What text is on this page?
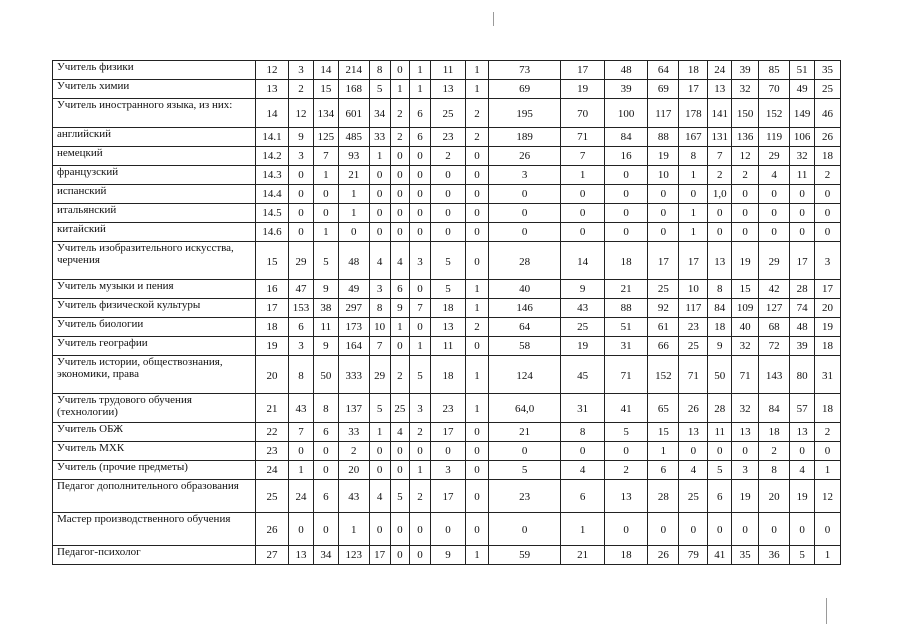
Учитель физики	12	3	14	214	8	0	1	11	1	73	17	48	64	18	24	39	85	51	35
Учитель химии	13	2	15	168	5	1	1	13	1	69	19	39	69	17	13	32	70	49	25
Учитель иностранного языка, из них:	14	12	134	601	34	2	6	25	2	195	70	100	117	178	141	150	152	149	46
английский	14.1	9	125	485	33	2	6	23	2	189	71	84	88	167	131	136	119	106	26
немецкий	14.2	3	7	93	1	0	0	2	0	26	7	16	19	8	7	12	29	32	18
французский	14.3	0	1	21	0	0	0	0	0	3	1	0	10	1	2	2	4	11	2
испанский	14.4	0	0	1	0	0	0	0	0	0	0	0	0	0	1,0	0	0	0	0
итальянский	14.5	0	0	1	0	0	0	0	0	0	0	0	0	1	0	0	0	0	0
китайский	14.6	0	1	0	0	0	0	0	0	0	0	0	0	1	0	0	0	0	0
Учитель изобразительного искусства, черчения	15	29	5	48	4	4	3	5	0	28	14	18	17	17	13	19	29	17	3
Учитель музыки и пения	16	47	9	49	3	6	0	5	1	40	9	21	25	10	8	15	42	28	17
Учитель физической культуры	17	153	38	297	8	9	7	18	1	146	43	88	92	117	84	109	127	74	20
Учитель биологии	18	6	11	173	10	1	0	13	2	64	25	51	61	23	18	40	68	48	19
Учитель географии	19	3	9	164	7	0	1	11	0	58	19	31	66	25	9	32	72	39	18
Учитель истории, обществознания, экономики, права	20	8	50	333	29	2	5	18	1	124	45	71	152	71	50	71	143	80	31
Учитель трудового обучения (технологии)	21	43	8	137	5	25	3	23	1	64,0	31	41	65	26	28	32	84	57	18
Учитель ОБЖ	22	7	6	33	1	4	2	17	0	21	8	5	15	13	11	13	18	13	2
Учитель МХК	23	0	0	2	0	0	0	0	0	0	0	0	1	0	0	0	2	0	0
Учитель (прочие предметы)	24	1	0	20	0	0	1	3	0	5	4	2	6	4	5	3	8	4	1
Педагог дополнительного образования	25	24	6	43	4	5	2	17	0	23	6	13	28	25	6	19	20	19	12
Мастер производственного обучения	26	0	0	1	0	0	0	0	0	0	1	0	0	0	0	0	0	0	0
Педагог-психолог	27	13	34	123	17	0	0	9	1	59	21	18	26	79	41	35	36	5	1
